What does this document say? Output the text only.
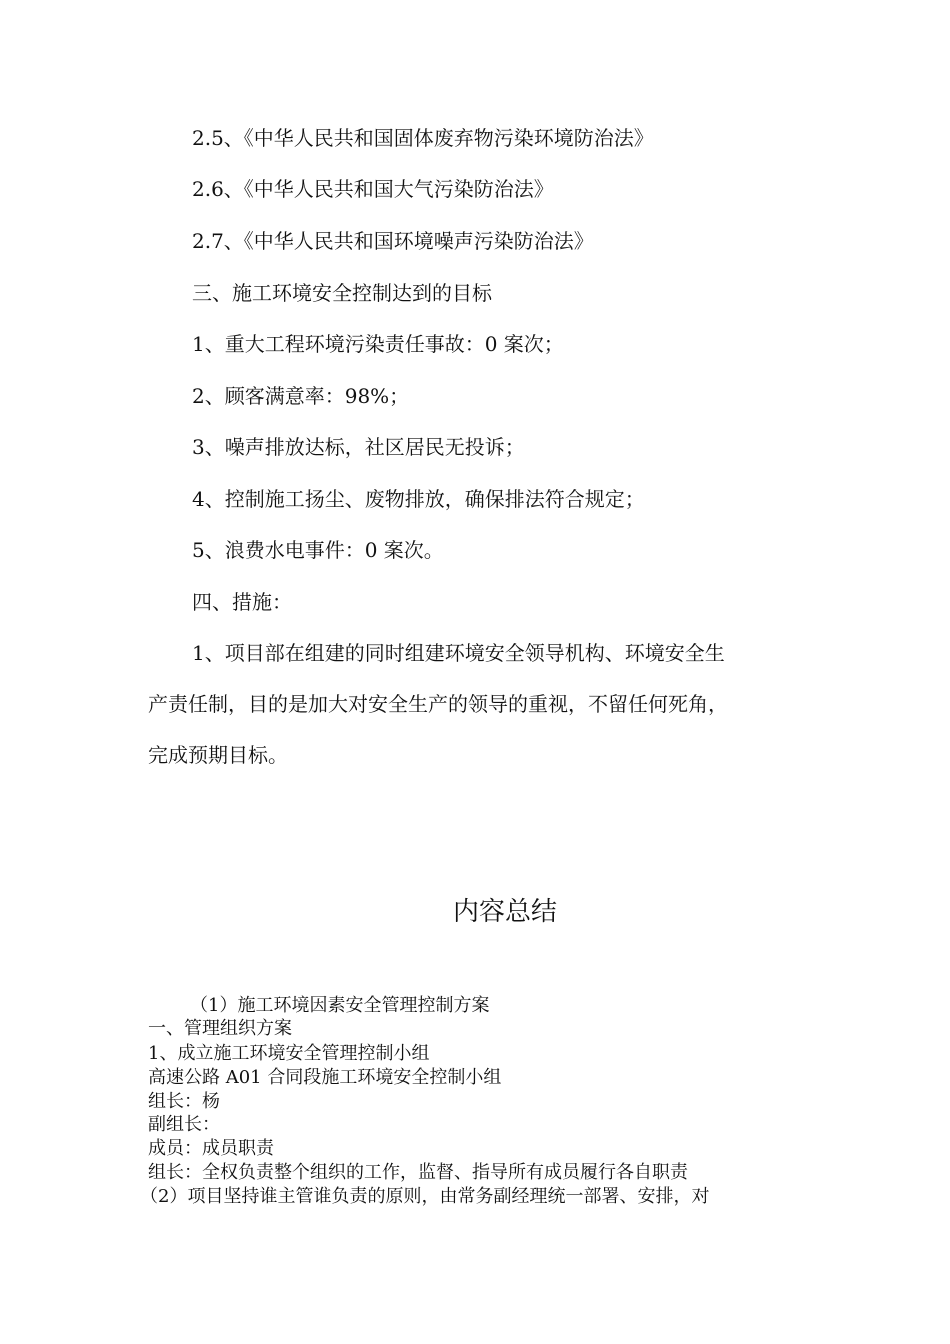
2.5、《中华人民共和国固体废弃物污染环境防治法》

2.6、《中华人民共和国大气污染防治法》

2.7、《中华人民共和国环境噪声污染防治法》

三、施工环境安全控制达到的目标

1、重大工程环境污染责任事故：0 案次；

2、顾客满意率：98%；

3、噪声排放达标，社区居民无投诉；

4、控制施工扬尘、废物排放，确保排法符合规定；

5、浪费水电事件：0 案次。

四、措施：

1、项目部在组建的同时组建环境安全领导机构、环境安全生

产责任制，目的是加大对安全生产的领导的重视，不留任何死角，

完成预期目标。

内容总结

（1）施工环境因素安全管理控制方案

一、管理组织方案

1、成立施工环境安全管理控制小组

高速公路 A01 合同段施工环境安全控制小组

组长：杨

副组长：

成员：成员职责

组长：全权负责整个组织的工作，监督、指导所有成员履行各自职责

（2）项目坚持谁主管谁负责的原则，由常务副经理统一部署、安排，对
